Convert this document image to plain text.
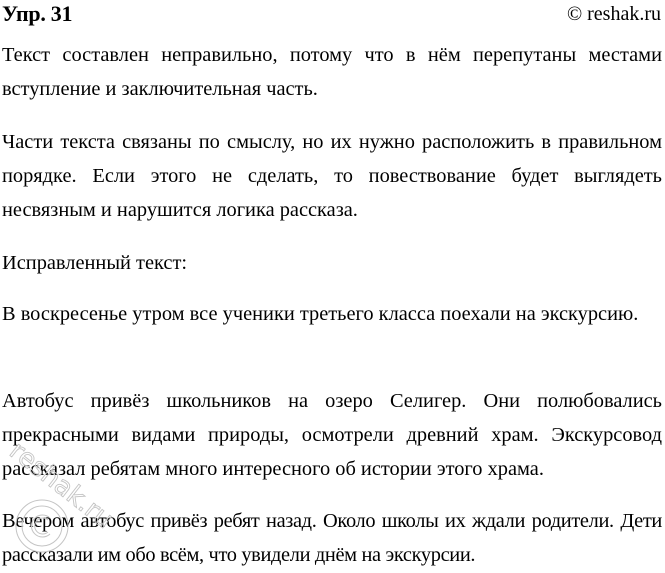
Упр. 31	© reshak.ru

Текст составлен неправильно, потому что в нём перепутаны местами вступление и заключительная часть.

Части текста связаны по смыслу, но их нужно расположить в правильном порядке. Если этого не сделать, то повествование будет выглядеть несвязным и нарушится логика рассказа.

Исправленный текст:

В воскресенье утром все ученики третьего класса поехали на экскурсию.

Автобус привёз школьников на озеро Селигер. Они полюбовались прекрасными видами природы, осмотрели древний храм. Экскурсовод рассказал ребятам много интересного об истории этого храма.

Вечером автобус привёз ребят назад. Около школы их ждали родители. Дети рассказали им обо всём, что увидели днём на экскурсии.

reshak.ru
